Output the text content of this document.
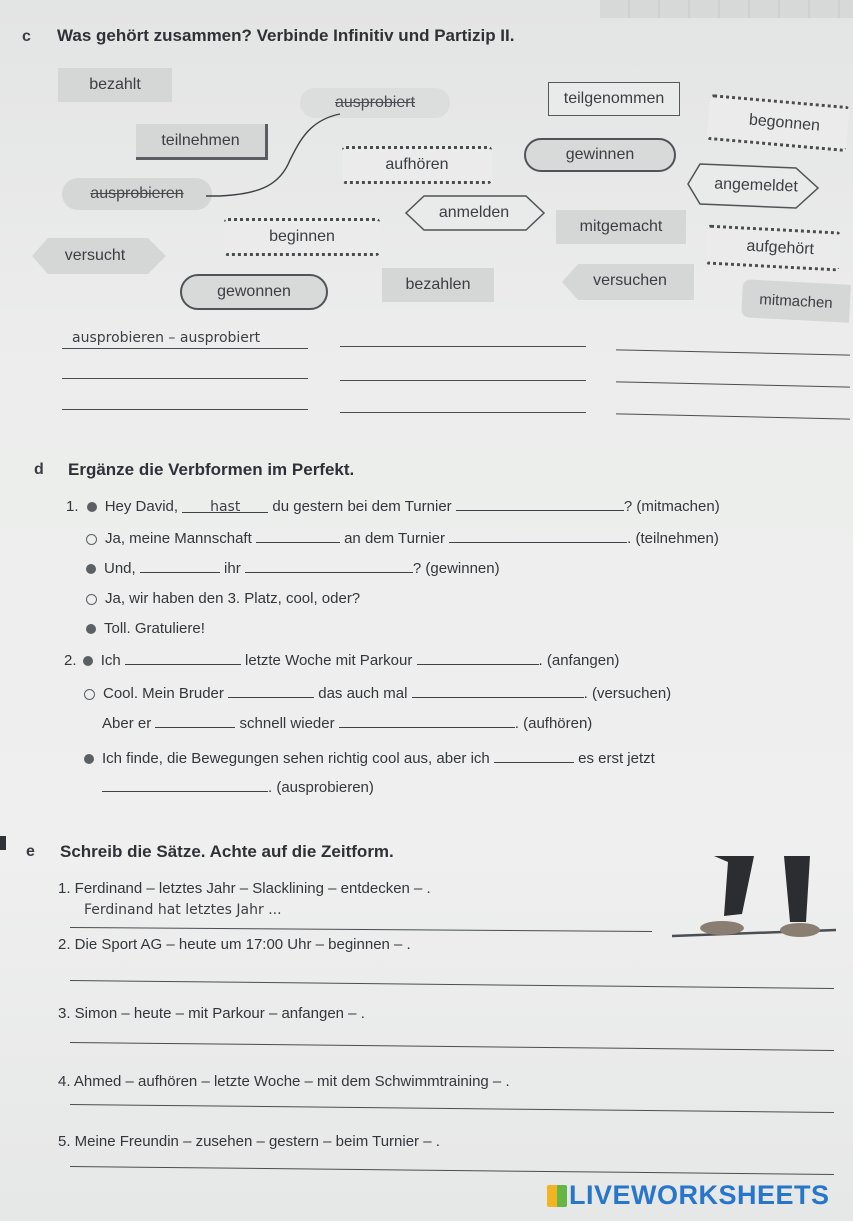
c Was gehört zusammen? Verbinde Infinitiv und Partizip II.
bezahlt
ausprobiert	teilgenommen
begonnen
teilnehmen
aufhören
gewinnen
angemeldet
ausprobieren
anmelden
mitgemacht
beginnen
aufgehört
versucht
gewonnen	bezahlen	versuchen
mitmachen
ausprobieren – ausprobiert
d Ergänze die Verbformen im Perfekt.
1. Hey David, hast du gestern bei dem Turnier	? (mitmachen)
Ja, meine Mannschaft	an dem Turnier	. (teilnehmen)
Und,	ihr	? (gewinnen)
Ja, wir haben den 3. Platz, cool, oder?
Toll. Gratuliere!
2. Ich	letzte Woche mit Parkour	. (anfangen)
Cool. Mein Bruder	das auch mal	. (versuchen)
Aber er	schnell wieder	. (aufhören)
Ich finde, die Bewegungen sehen richtig cool aus, aber ich	es erst jetzt
. (ausprobieren)
e Schreib die Sätze. Achte auf die Zeitform.
1. Ferdinand – letztes Jahr – Slacklining – entdecken – .
Ferdinand hat letztes Jahr ...
2. Die Sport AG – heute um 17:00 Uhr – beginnen – .
3. Simon – heute – mit Parkour – anfangen – .
4. Ahmed – aufhören – letzte Woche – mit dem Schwimmtraining – .
5. Meine Freundin – zusehen – gestern – beim Turnier – .
LIVEWORKSHEETS
